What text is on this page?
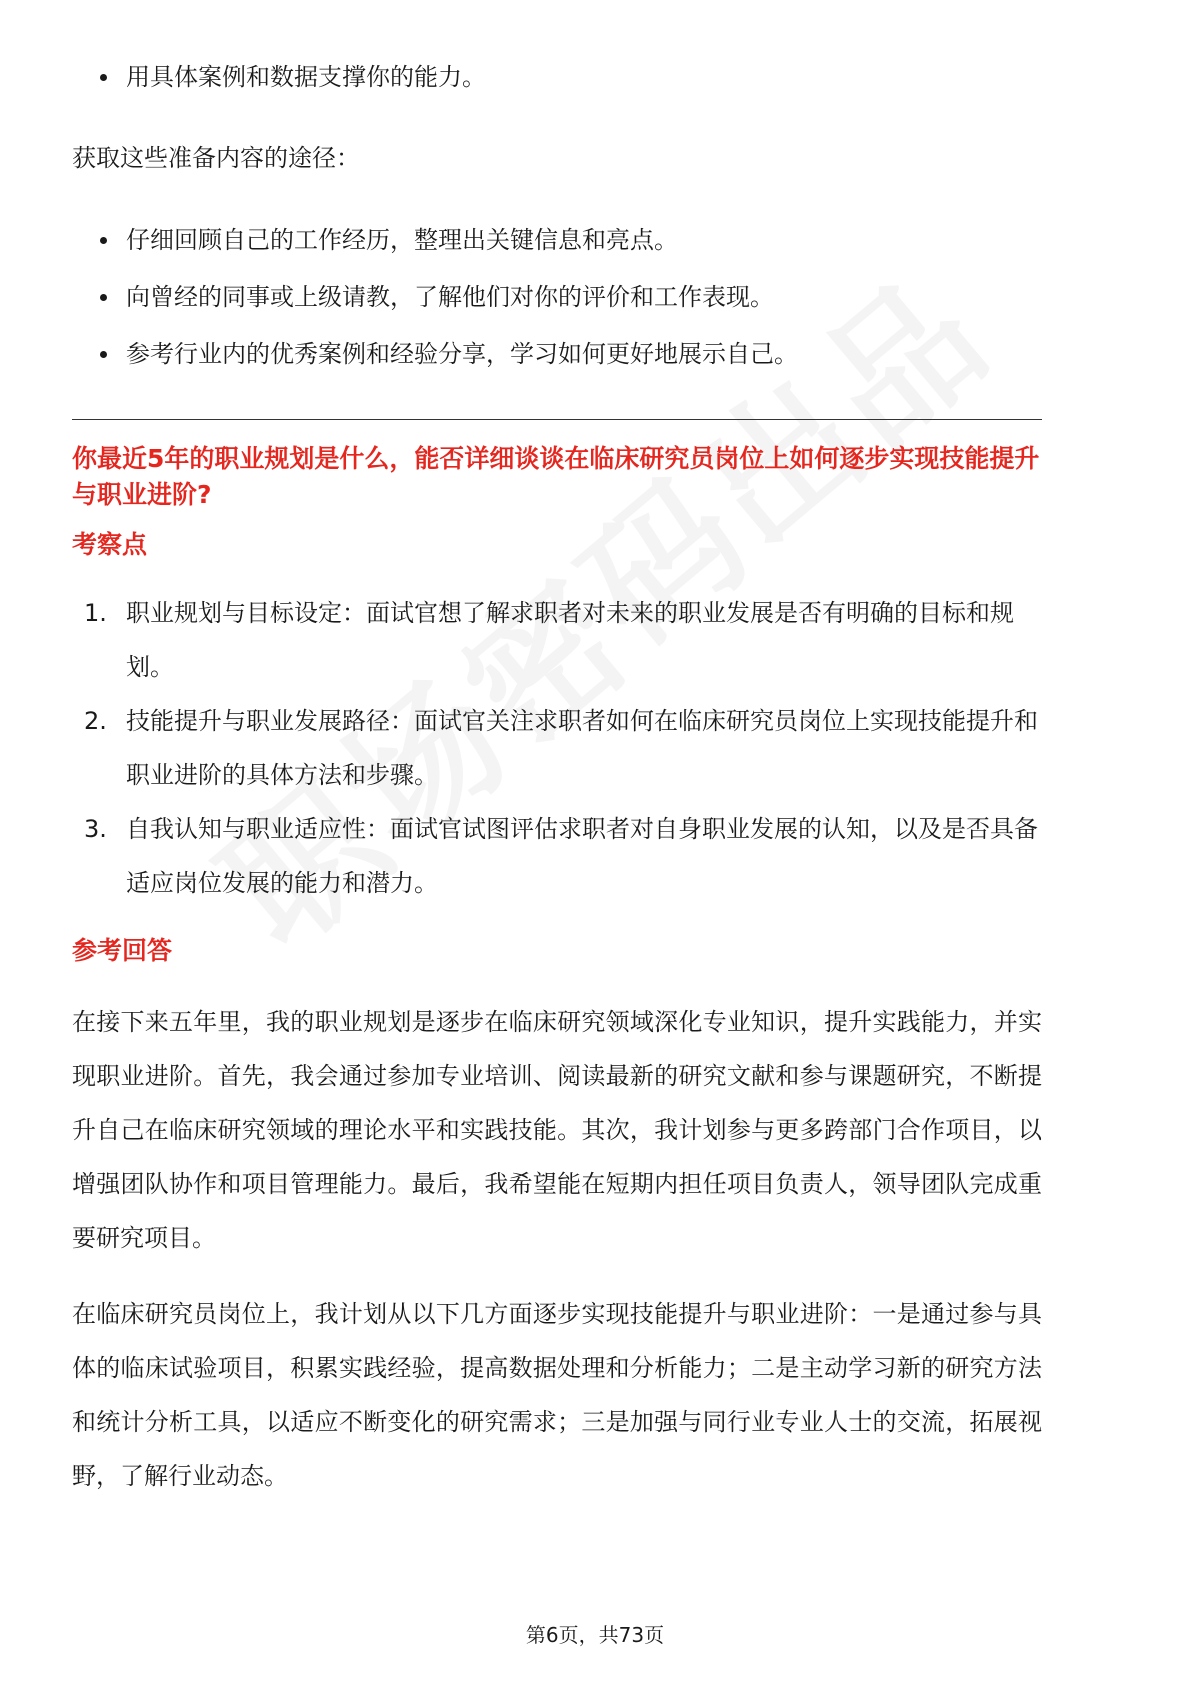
用具体案例和数据支撑你的能力。

获取这些准备内容的途径：

仔细回顾自己的工作经历，整理出关键信息和亮点。
向曾经的同事或上级请教，了解他们对你的评价和工作表现。
参考行业内的优秀案例和经验分享，学习如何更好地展示自己。

你最近5年的职业规划是什么，能否详细谈谈在临床研究员岗位上如何逐步实现技能提升与职业进阶?

考察点

1. 职业规划与目标设定：面试官想了解求职者对未来的职业发展是否有明确的目标和规划。
2. 技能提升与职业发展路径：面试官关注求职者如何在临床研究员岗位上实现技能提升和职业进阶的具体方法和步骤。
3. 自我认知与职业适应性：面试官试图评估求职者对自身职业发展的认知，以及是否具备适应岗位发展的能力和潜力。

参考回答

在接下来五年里，我的职业规划是逐步在临床研究领域深化专业知识，提升实践能力，并实现职业进阶。首先，我会通过参加专业培训、阅读最新的研究文献和参与课题研究，不断提升自己在临床研究领域的理论水平和实践技能。其次，我计划参与更多跨部门合作项目，以增强团队协作和项目管理能力。最后，我希望能在短期内担任项目负责人，领导团队完成重要研究项目。

在临床研究员岗位上，我计划从以下几方面逐步实现技能提升与职业进阶：一是通过参与具体的临床试验项目，积累实践经验，提高数据处理和分析能力；二是主动学习新的研究方法和统计分析工具，以适应不断变化的研究需求；三是加强与同行业专业人士的交流，拓展视野，了解行业动态。

第6页，共73页
